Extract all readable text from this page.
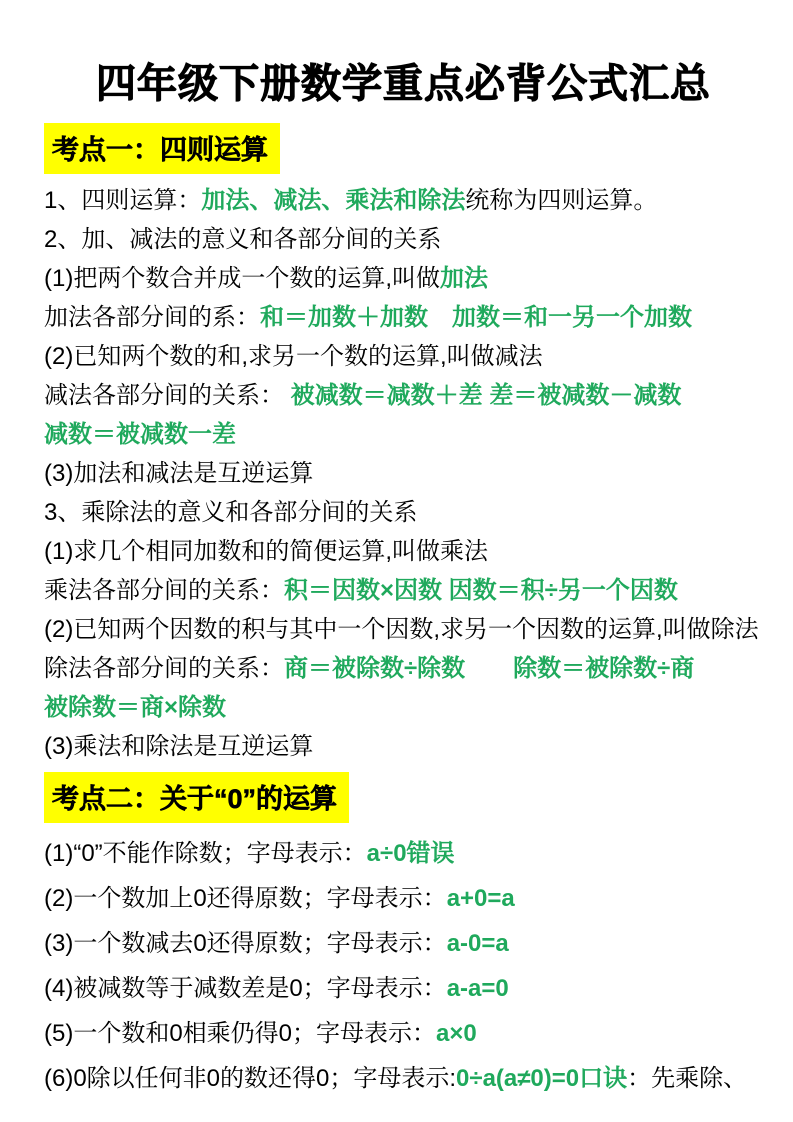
四年级下册数学重点必背公式汇总
考点一：四则运算
1、四则运算：加法、减法、乘法和除法统称为四则运算。
2、加、减法的意义和各部分间的关系
(1)把两个数合并成一个数的运算,叫做加法
加法各部分间的系：和＝加数＋加数　加数＝和一另一个加数
(2)已知两个数的和,求另一个数的运算,叫做减法
减法各部分间的关系： 被减数＝减数＋差 差＝被减数－减数
减数＝被减数一差
(3)加法和减法是互逆运算
3、乘除法的意义和各部分间的关系
(1)求几个相同加数和的简便运算,叫做乘法
乘法各部分间的关系：积＝因数×因数 因数＝积÷另一个因数
(2)已知两个因数的积与其中一个因数,求另一个因数的运算,叫做除法
除法各部分间的关系：商＝被除数÷除数　　除数＝被除数÷商
被除数＝商×除数
(3)乘法和除法是互逆运算
考点二：关于“0”的运算
(1)“0”不能作除数；字母表示：a÷0错误
(2)一个数加上0还得原数；字母表示：a+0=a
(3)一个数减去0还得原数；字母表示：a-0=a
(4)被减数等于减数差是0；字母表示：a-a=0
(5)一个数和0相乘仍得0；字母表示：a×0
(6)0除以任何非0的数还得0；字母表示:0÷a(a≠0)=0口诀：先乘除、
